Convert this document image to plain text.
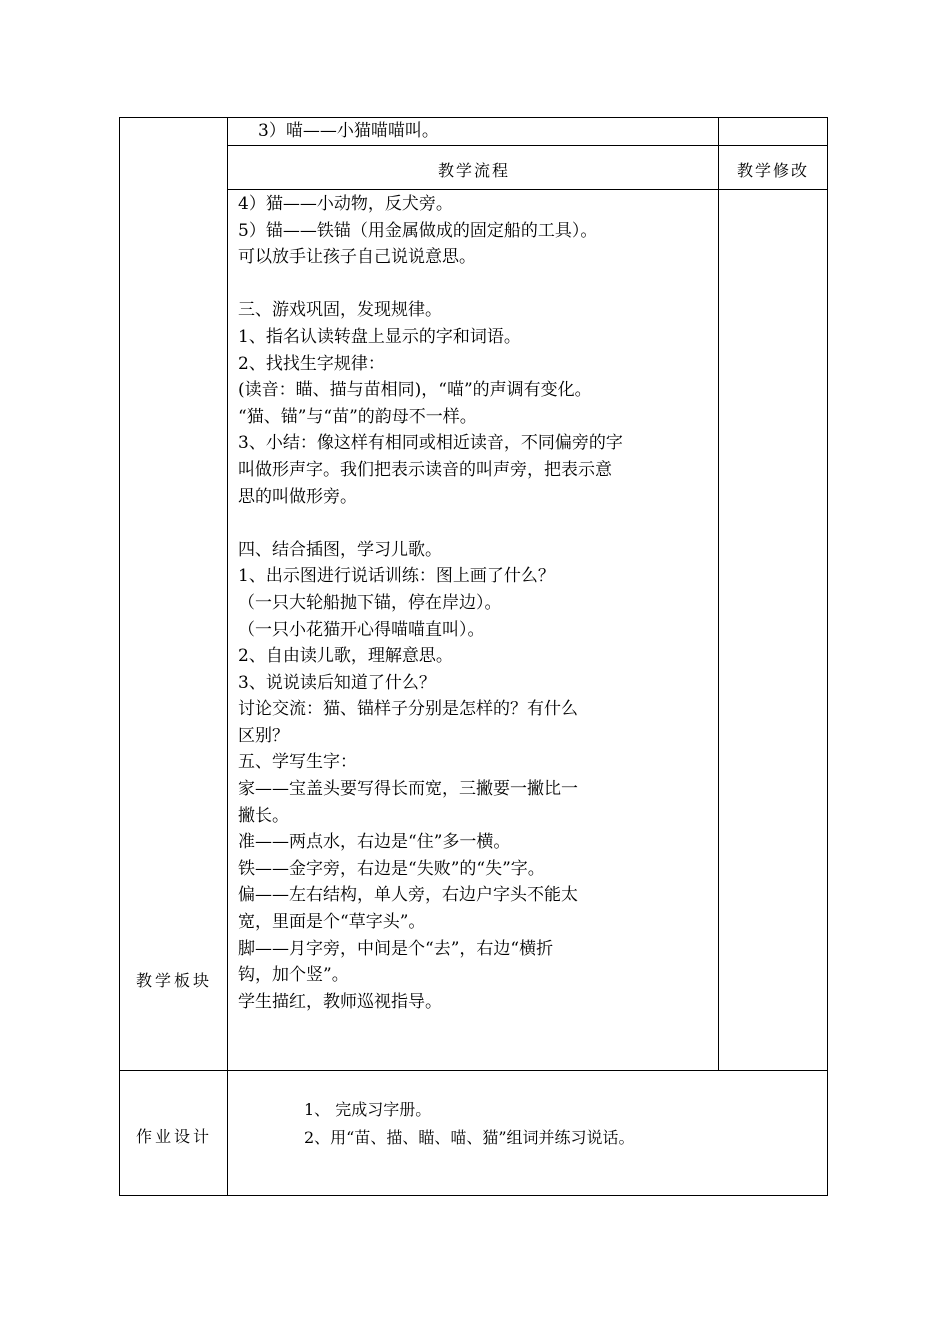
3）喵——小猫喵喵叫。
教学流程	教学修改
4）猫——小动物，反犬旁。
5）锚——铁锚（用金属做成的固定船的工具）。
可以放手让孩子自己说说意思。
三、游戏巩固，发现规律。
1、指名认读转盘上显示的字和词语。
2、找找生字规律：
(读音：瞄、描与苗相同)，“喵”的声调有变化。
“猫、锚”与“苗”的韵母不一样。
3、小结：像这样有相同或相近读音，不同偏旁的字
叫做形声字。我们把表示读音的叫声旁，把表示意
思的叫做形旁。
四、结合插图，学习儿歌。
1、出示图进行说话训练：图上画了什么？
（一只大轮船抛下锚，停在岸边）。
（一只小花猫开心得喵喵直叫）。
2、自由读儿歌，理解意思。
3、说说读后知道了什么？
讨论交流：猫、锚样子分别是怎样的？有什么
区别？
五、学写生字：
家——宝盖头要写得长而宽，三撇要一撇比一
撇长。
准——两点水，右边是“住”多一横。
铁——金字旁，右边是“失败”的“失”字。
偏——左右结构，单人旁，右边户字头不能太
宽，里面是个“草字头”。
脚——月字旁，中间是个“去”，右边“横折
钩，加个竖”。
学生描红，教师巡视指导。
教学板块
作业设计
1、 完成习字册。
2、用“苗、描、瞄、喵、猫”组词并练习说话。
